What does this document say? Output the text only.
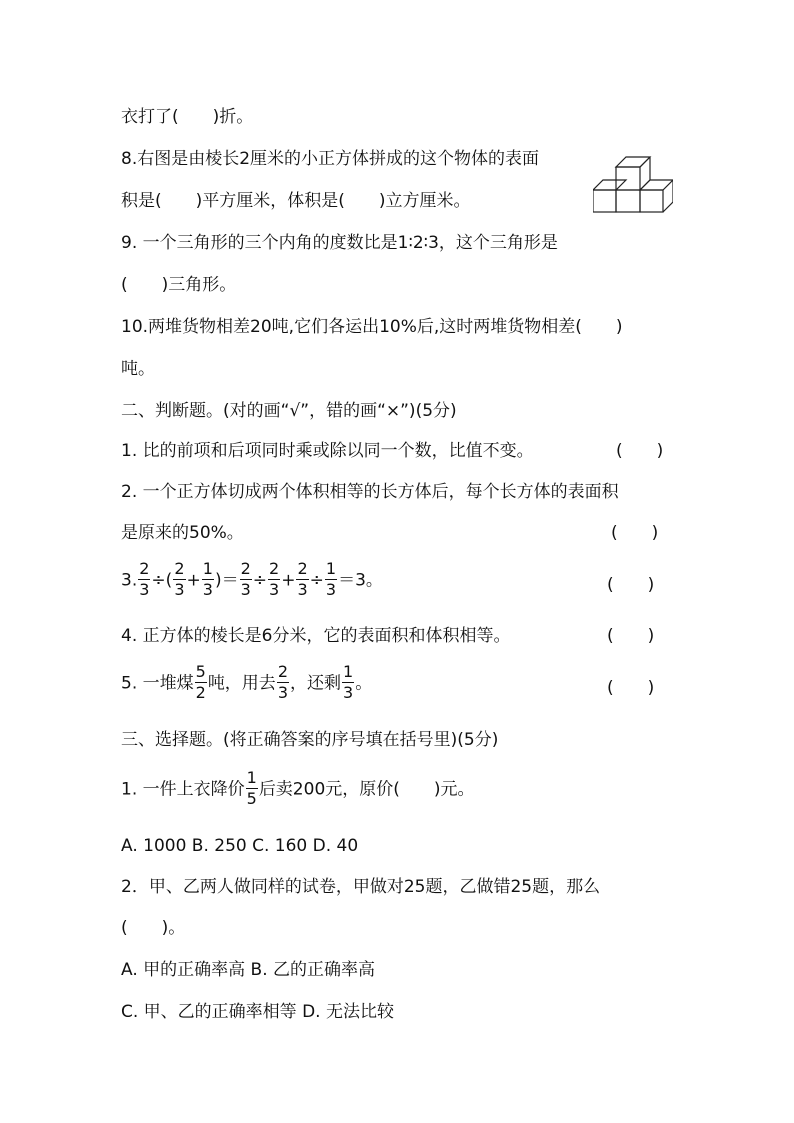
衣打了(　　)折。
8.右图是由棱长2厘米的小正方体拼成的这个物体的表面
积是(　　)平方厘米，体积是(　　)立方厘米。
9. 一个三角形的三个内角的度数比是1∶2∶3，这个三角形是
(　　)三角形。
10.两堆货物相差20吨,它们各运出10%后,这时两堆货物相差(　　)
吨。
二、判断题。(对的画“√”，错的画“×”)(5分)
1. 比的前项和后项同时乘或除以同一个数，比值不变。	(　　)
2. 一个正方体切成两个体积相等的长方体后，每个长方体的表面积
是原来的50%。	(　　)
3. $\frac{2}{3}$ ÷( $\frac{2}{3} + \frac{1}{3}$ )＝ $\frac{2}{3} \div \frac{2}{3} + \frac{2}{3} \div \frac{1}{3} =3$。	(　　)
4. 正方体的棱长是6分米，它的表面积和体积相等。	(　　)
5. 一堆煤 $\frac{5}{2}$ 吨，用去 $\frac{2}{3}$ ，还剩 $\frac{1}{3}$ 。	(　　)
三、选择题。(将正确答案的序号填在括号里)(5分)
1. 一件上衣降价 $\frac{1}{5}$ 后卖200元，原价(　　)元。
A. 1000 B. 250 C. 160 D. 40
2．甲、乙两人做同样的试卷，甲做对25题，乙做错25题，那么
(　　)。
A. 甲的正确率高 B. 乙的正确率高
C. 甲、乙的正确率相等 D. 无法比较
